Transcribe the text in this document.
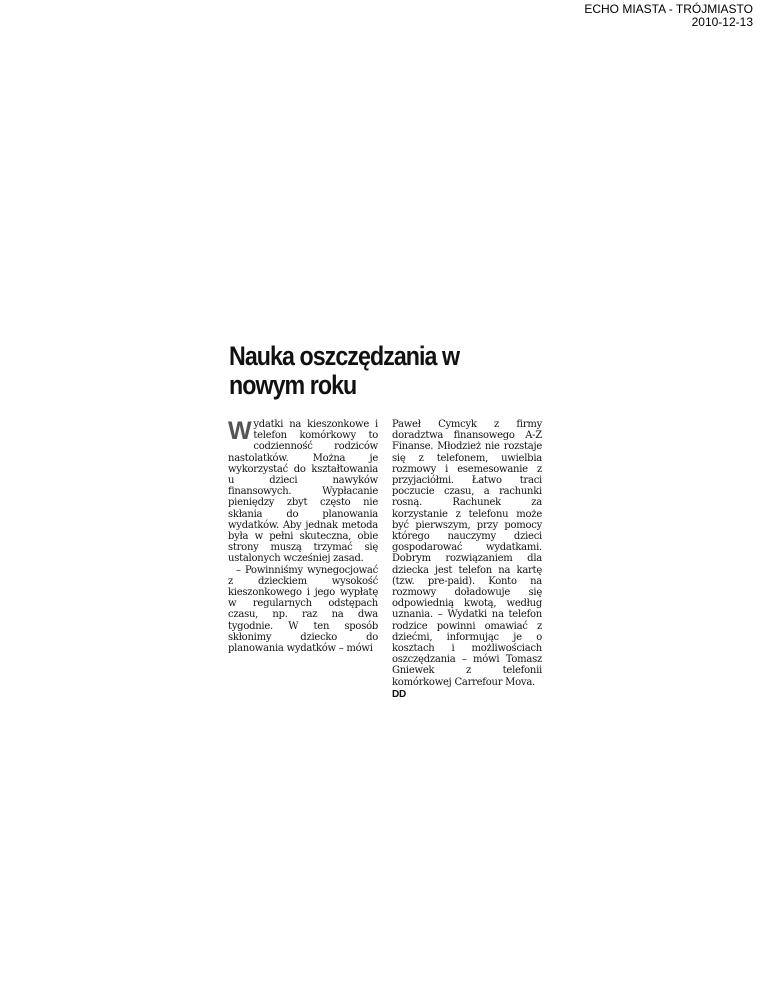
ECHO MIASTA - TRÓJMIASTO
2010-12-13
Nauka oszczędzania w nowym roku

Wydatki na kieszonkowe i telefon komórkowy to codzienność rodziców nastolatków. Można je wykorzystać do kształtowania u dzieci nawyków finansowych. Wypłacanie pieniędzy zbyt często nie skłania do planowania wydatków. Aby jednak metoda była w pełni skuteczna, obie strony muszą trzymać się ustalonych wcześniej zasad.

– Powinniśmy wynegocjować z dzieckiem wysokość kieszonkowego i jego wypłatę w regularnych odstępach czasu, np. raz na dwa tygodnie. W ten sposób skłonimy dziecko do planowania wydatków – mówi

Paweł Cymcyk z firmy doradztwa finansowego A-Z Finanse. Młodzież nie rozstaje się z telefonem, uwielbia rozmowy i esemesowanie z przyjaciółmi. Łatwo traci poczucie czasu, a rachunki rosną. Rachunek za korzystanie z telefonu może być pierwszym, przy pomocy którego nauczymy dzieci gospodarować wydatkami. Dobrym rozwiązaniem dla dziecka jest telefon na kartę (tzw. pre-paid). Konto na rozmowy doładowuje się odpowiednią kwotą, według uznania. – Wydatki na telefon rodzice powinni omawiać z dziećmi, informując je o kosztach i możliwościach oszczędzania – mówi Tomasz Gniewek z telefonii komórkowej Carrefour Mova.

DD
